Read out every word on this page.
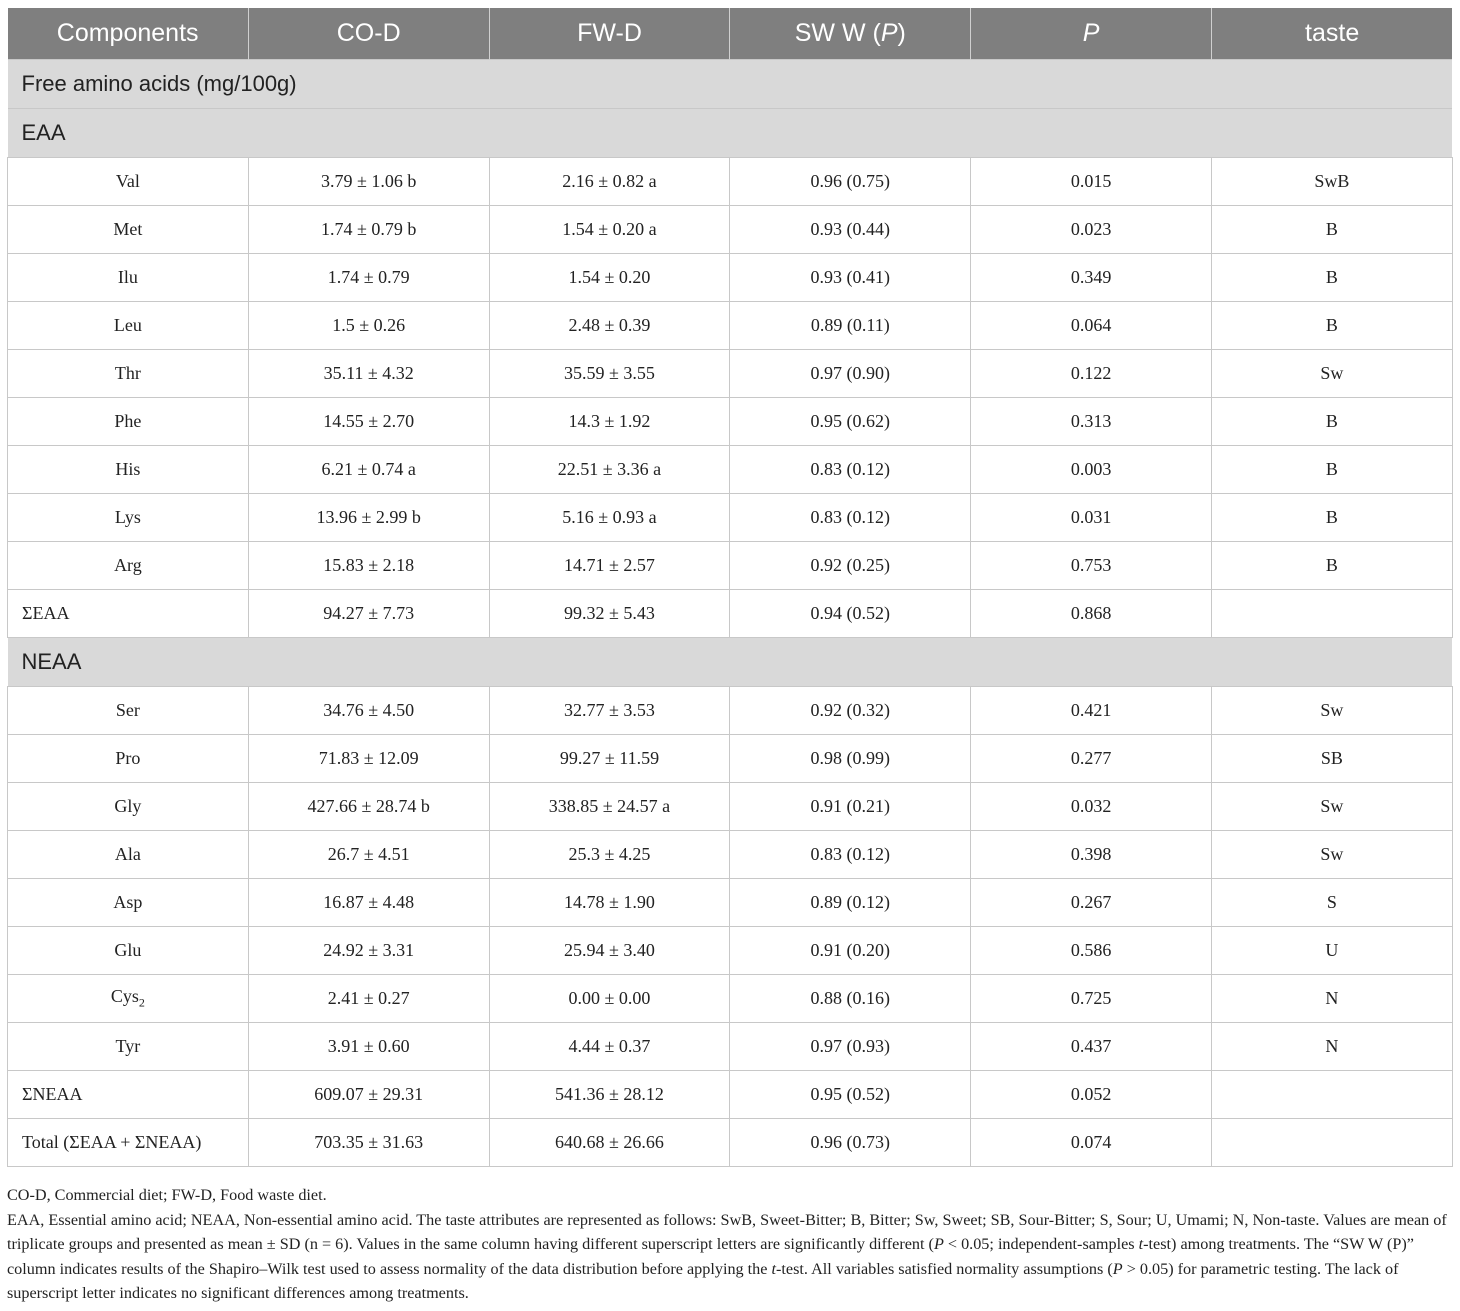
Components	CO-D	FW-D	SW W (P)	P	taste
Free amino acids (mg/100g)					
EAA					
Val	3.79 ± 1.06 b	2.16 ± 0.82 a	0.96 (0.75)	0.015	SwB
Met	1.74 ± 0.79 b	1.54 ± 0.20 a	0.93 (0.44)	0.023	B
Ilu	1.74 ± 0.79	1.54 ± 0.20	0.93 (0.41)	0.349	B
Leu	1.5 ± 0.26	2.48 ± 0.39	0.89 (0.11)	0.064	B
Thr	35.11 ± 4.32	35.59 ± 3.55	0.97 (0.90)	0.122	Sw
Phe	14.55 ± 2.70	14.3 ± 1.92	0.95 (0.62)	0.313	B
His	6.21 ± 0.74 a	22.51 ± 3.36 a	0.83 (0.12)	0.003	B
Lys	13.96 ± 2.99 b	5.16 ± 0.93 a	0.83 (0.12)	0.031	B
Arg	15.83 ± 2.18	14.71 ± 2.57	0.92 (0.25)	0.753	B
ΣEAA	94.27 ± 7.73	99.32 ± 5.43	0.94 (0.52)	0.868	
NEAA					
Ser	34.76 ± 4.50	32.77 ± 3.53	0.92 (0.32)	0.421	Sw
Pro	71.83 ± 12.09	99.27 ± 11.59	0.98 (0.99)	0.277	SB
Gly	427.66 ± 28.74 b	338.85 ± 24.57 a	0.91 (0.21)	0.032	Sw
Ala	26.7 ± 4.51	25.3 ± 4.25	0.83 (0.12)	0.398	Sw
Asp	16.87 ± 4.48	14.78 ± 1.90	0.89 (0.12)	0.267	S
Glu	24.92 ± 3.31	25.94 ± 3.40	0.91 (0.20)	0.586	U
Cys$_2$	2.41 ± 0.27	0.00 ± 0.00	0.88 (0.16)	0.725	N
Tyr	3.91 ± 0.60	4.44 ± 0.37	0.97 (0.93)	0.437	N
ΣNEAA	609.07 ± 29.31	541.36 ± 28.12	0.95 (0.52)	0.052	
Total (ΣEAA + ΣNEAA)	703.35 ± 31.63	640.68 ± 26.66	0.96 (0.73)	0.074	

CO-D, Commercial diet; FW-D, Food waste diet.

EAA, Essential amino acid; NEAA, Non-essential amino acid. The taste attributes are represented as follows: SwB, Sweet-Bitter; B, Bitter; Sw, Sweet; SB, Sour-Bitter; S, Sour; U, Umami; N, Non-taste. Values are mean of triplicate groups and presented as mean ± SD (n = 6). Values in the same column having different superscript letters are significantly different (P < 0.05; independent-samples t-test) among treatments. The “SW W (P)” column indicates results of the Shapiro–Wilk test used to assess normality of the data distribution before applying the t-test. All variables satisfied normality assumptions (P > 0.05) for parametric testing. The lack of superscript letter indicates no significant differences among treatments.
